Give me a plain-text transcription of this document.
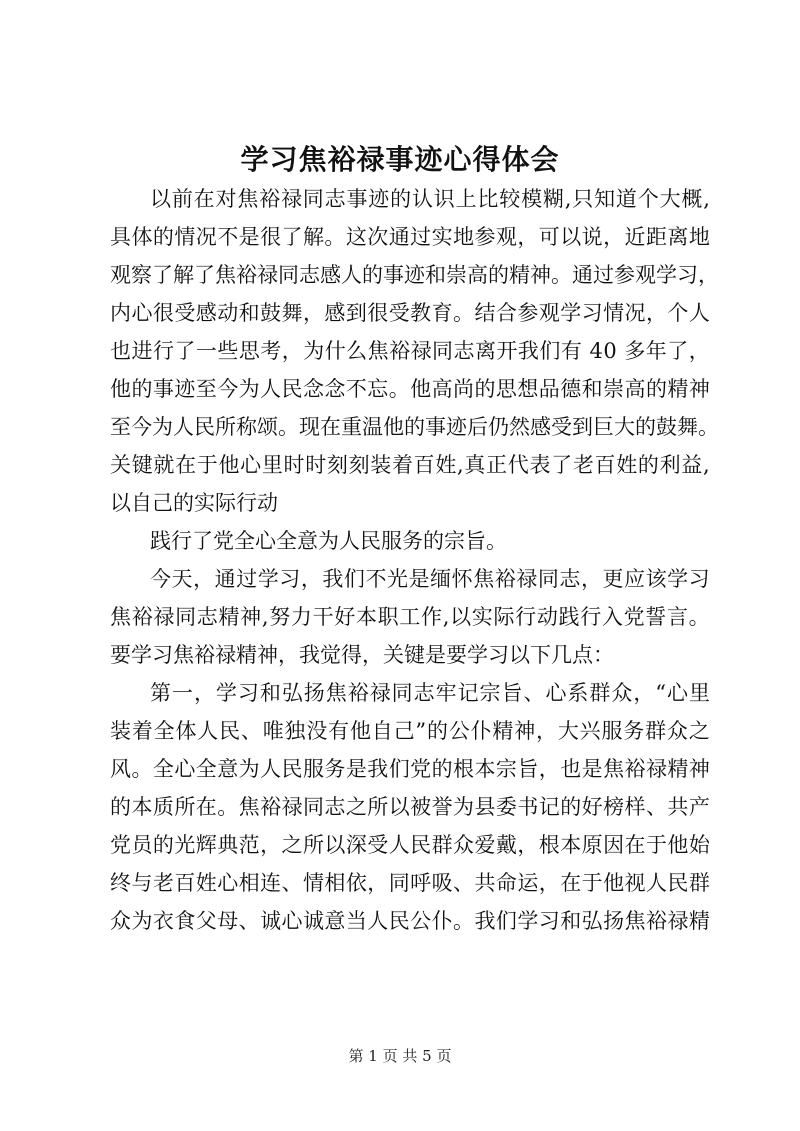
学习焦裕禄事迹心得体会
以 前 在 对 焦 裕 禄 同 志 事 迹 的 认 识 上 比 较 模 糊 , 只 知 道 个 大 概 ,
具 体 的 情 况 不 是 很 了 解 。 这 次 通 过 实 地 参 观 ， 可 以 说 ， 近 距 离 地
观 察 了 解 了 焦 裕 禄 同 志 感 人 的 事 迹 和 崇 高 的 精 神 。 通 过 参 观 学 习 ，
内 心 很 受 感 动 和 鼓 舞 ， 感 到 很 受 教 育 。 结 合 参 观 学 习 情 况 ， 个 人
也 进 行 了 一 些 思 考 ， 为 什 么 焦 裕 禄 同 志 离 开 我 们 有
4 0
多 年 了 ，
他 的 事 迹 至 今 为 人 民 念 念 不 忘 。 他 高 尚 的 思 想 品 德 和 崇 高 的 精 神
至 今 为 人 民 所 称 颂 。 现 在 重 温 他 的 事 迹 后 仍 然 感 受 到 巨 大 的 鼓 舞 。
关 键 就 在 于 他 心 里 时 时 刻 刻 装 着 百 姓 , 真 正 代 表 了 老 百 姓 的 利 益 ,
以自己的实际行动
践行了党全心全意为人民服务的宗旨。
今 天 ， 通 过 学 习 ， 我 们 不 光 是 缅 怀 焦 裕 禄 同 志 ， 更 应 该 学 习
焦 裕 禄 同 志 精 神 , 努 力 干 好 本 职 工 作 , 以 实 际 行 动 践 行 入 党 誓 言 。
要学习焦裕禄精神，我觉得，关键是要学习以下几点：
第 一 ， 学 习 和 弘 扬 焦 裕 禄 同 志 牢 记 宗 旨 、 心 系 群 众 ， “ 心 里
装 着 全 体 人 民 、 唯 独 没 有 他 自 己 ” 的 公 仆 精 神 ， 大 兴 服 务 群 众 之
风 。 全 心 全 意 为 人 民 服 务 是 我 们 党 的 根 本 宗 旨 ， 也 是 焦 裕 禄 精 神
的 本 质 所 在 。 焦 裕 禄 同 志 之 所 以 被 誉 为 县 委 书 记 的 好 榜 样 、 共 产
党 员 的 光 辉 典 范 ， 之 所 以 深 受 人 民 群 众 爱 戴 ， 根 本 原 因 在 于 他 始
终 与 老 百 姓 心 相 连 、 情 相 依 ， 同 呼 吸 、 共 命 运 ， 在 于 他 视 人 民 群
众 为 衣 食 父 母 、 诚 心 诚 意 当 人 民 公 仆 。 我 们 学 习 和 弘 扬 焦 裕 禄 精
第 1 页 共 5 页
